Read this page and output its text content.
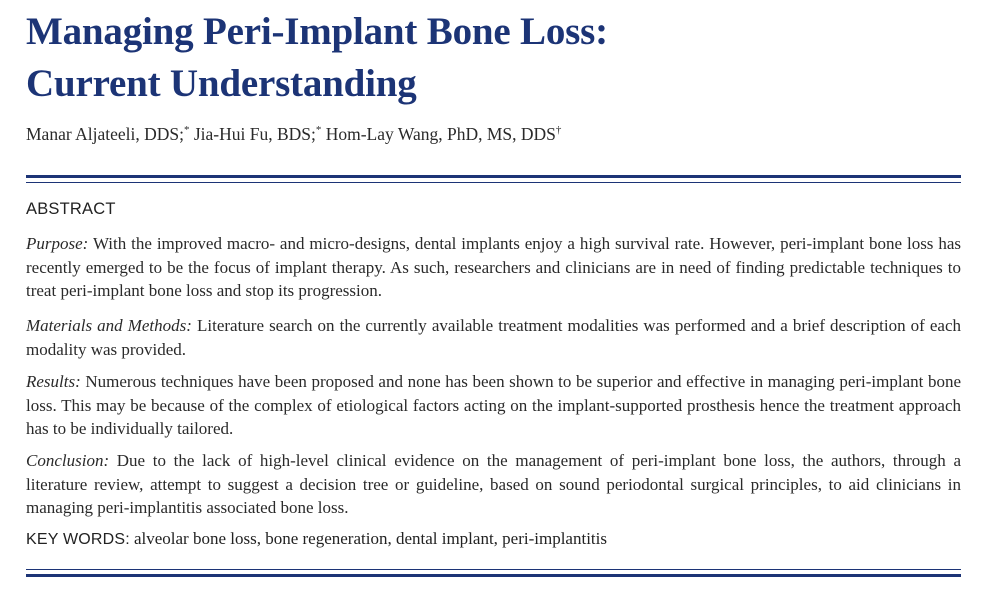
Managing Peri-Implant Bone Loss:
Current Understanding
Manar Aljateeli, DDS;* Jia-Hui Fu, BDS;* Hom-Lay Wang, PhD, MS, DDS†
ABSTRACT

Purpose: With the improved macro- and micro-designs, dental implants enjoy a high survival rate. However, peri-implant bone loss has recently emerged to be the focus of implant therapy. As such, researchers and clinicians are in need of finding predictable techniques to treat peri-implant bone loss and stop its progression.

Materials and Methods: Literature search on the currently available treatment modalities was performed and a brief description of each modality was provided.

Results: Numerous techniques have been proposed and none has been shown to be superior and effective in managing peri-implant bone loss. This may be because of the complex of etiological factors acting on the implant-supported prosthesis hence the treatment approach has to be individually tailored.

Conclusion: Due to the lack of high-level clinical evidence on the management of peri-implant bone loss, the authors, through a literature review, attempt to suggest a decision tree or guideline, based on sound periodontal surgical principles, to aid clinicians in managing peri-implantitis associated bone loss.

KEY WORDS: alveolar bone loss, bone regeneration, dental implant, peri-implantitis
